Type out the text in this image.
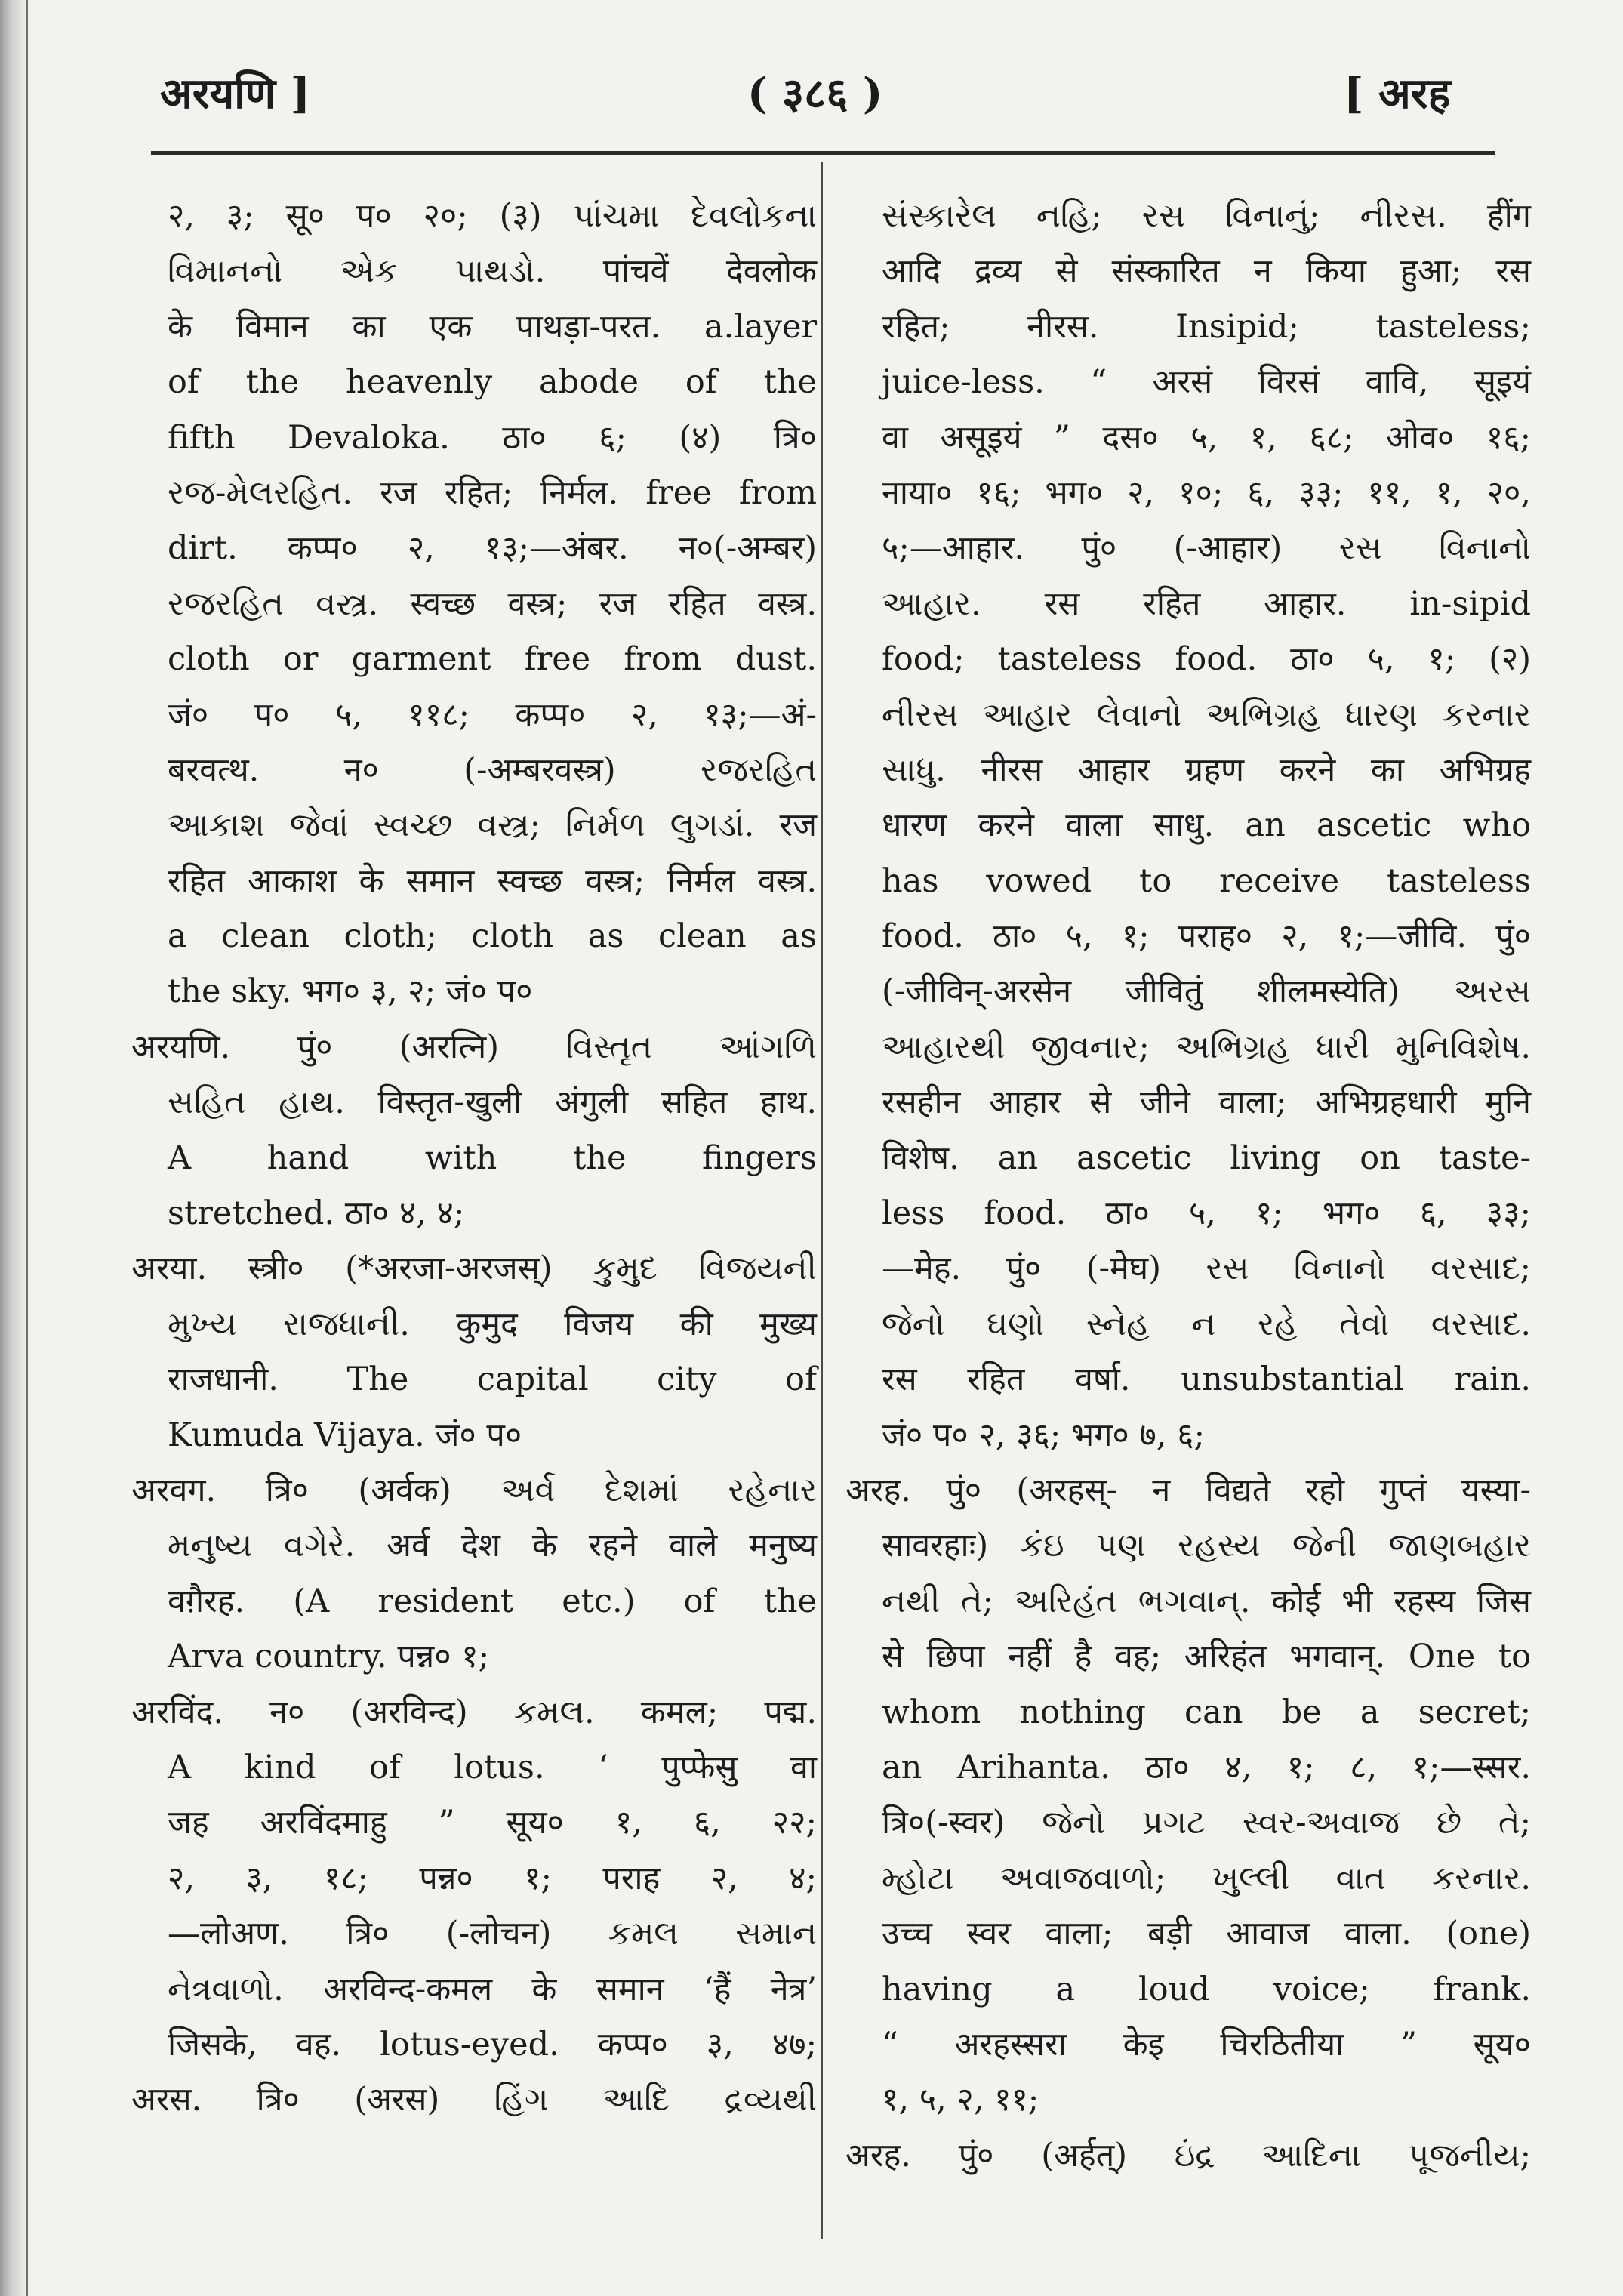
अरयणि ]	( ३८६ )	[ अरह
२, ३; सू० प० २०; (३) પાંચમા દેવલોકના
વિમાનનો એક પાથડો. पांचवें देवलोक
के विमान का एक पाथड़ा-परत. a.layer
of the heavenly abode of the
fifth Devaloka. ठा० ६; (४) त्रि०
રજ-મેલરહિત. रज रहित; निर्मल. free from
dirt. कप्प० २, १३;—अंबर. न०(-अम्बर)
રજરહિત વસ્ત્ર. स्वच्छ वस्त्र; रज रहित वस्त्र.
cloth or garment free from dust.
जं० प० ५, ११८; कप्प० २, १३;—अं-
बरवत्थ. न० (-अम्बरवस्त्र) રજરહિત
આકાશ જેવાં સ્વચ્છ વસ્ત્ર; નિર્મળ લુગડાં. रज
रहित आकाश के समान स्वच्छ वस्त्र; निर्मल वस्त्र.
a clean cloth; cloth as clean as
the sky. भग० ३, २; जं० प०
अरयणि. पुं० (अरत्नि) વિસ્તૃત આંગળિ
સહિત હાથ. विस्तृत-खुली अंगुली सहित हाथ.
A hand with the fingers
stretched. ठा० ४, ४;
अरया. स्त्री० (*अरजा-अरजस्) કુમુદ વિજયની
મુખ્ય રાજધાની. कुमुद विजय की मुख्य
राजधानी. The capital city of
Kumuda Vijaya. जं० प०
अरवग. त्रि० (अर्वक) અર્વ દેશમાં રહેનાર
મનુષ્ય વગેરે. अर्व देश के रहने वाले मनुष्य
वग़ैरह. (A resident etc.) of the
Arva country. पन्न० १;
अरविंद. न० (अरविन्द) કમલ. कमल; पद्म.
A kind of lotus. ‘ पुप्फेसु वा
जह अरविंदमाहु ” सूय० १, ६, २२;
२, ३, १८; पन्न० १; पराह २, ४;
—लोअण. त्रि० (-लोचन) કમલ સમાન
નેત્રવાળો. अरविन्द-कमल के समान ‘हैं नेत्र’
जिसके, वह. lotus-eyed. कप्प० ३, ४७;
अरस. त्रि० (अरस) હિંગ આદિ દ્રવ્યથી
સંસ્કારેલ નહિ; રસ વિનાનું; નીરસ. हींग
आदि द्रव्य से संस्कारित न किया हुआ; रस
रहित; नीरस. Insipid; tasteless;
juice-less. “ अरसं विरसं वावि, सूइयं
वा असूइयं ” दस० ५, १, ६८; ओव० १६;
नाया० १६; भग० २, १०; ६, ३३; ११, १, २०,
५;—आहार. पुं० (-आहार) રસ વિનાનો
આહાર. रस रहित आहार. in-sipid
food; tasteless food. ठा० ५, १; (२)
નીરસ આહાર લેવાનો અભિગ્રહ ધારણ કરનાર
સાધુ. नीरस आहार ग्रहण करने का अभिग्रह
धारण करने वाला साधु. an ascetic who
has vowed to receive tasteless
food. ठा० ५, १; पराह० २, १;—जीवि. पुं०
(-जीविन्-अरसेन जीवितुं शीलमस्येति) અરસ
આહારથી જીવનાર; અભિગ્રહ ધારી મુનિવિશેષ.
रसहीन आहार से जीने वाला; अभिग्रहधारी मुनि
विशेष. an ascetic living on taste-
less food. ठा० ५, १; भग० ६, ३३;
—मेह. पुं० (-मेघ) રસ વિનાનો વરસાદ;
જેનો ઘણો સ્નેહ ન રહે તેવો વરસાદ.
रस रहित वर्षा. unsubstantial rain.
जं० प० २, ३६; भग० ७, ६;
अरह. पुं० (अरहस्- न विद्यते रहो गुप्तं यस्या-
सावरहाः) કંઇ પણ રહસ્ય જેની જાણબહાર
નથી તે; અરિહંત ભગવાન્. कोई भी रहस्य जिस
से छिपा नहीं है वह; अरिहंत भगवान्. One to
whom nothing can be a secret;
an Arihanta. ठा० ४, १; ८, १;—स्सर.
त्रि०(-स्वर) જેનો પ્રગટ સ્વર-અવાજ છે તે;
મ્હોટા અવાજવાળો; ખુલ્લી વાત કરનાર.
उच्च स्वर वाला; बड़ी आवाज वाला. (one)
having a loud voice; frank.
“ अरहस्सरा केइ चिरठितीया ” सूय०
१, ५, २, ११;
अरह. पुं० (अर्हत्) ઇંદ્ર આદિના પૂજનીય;
